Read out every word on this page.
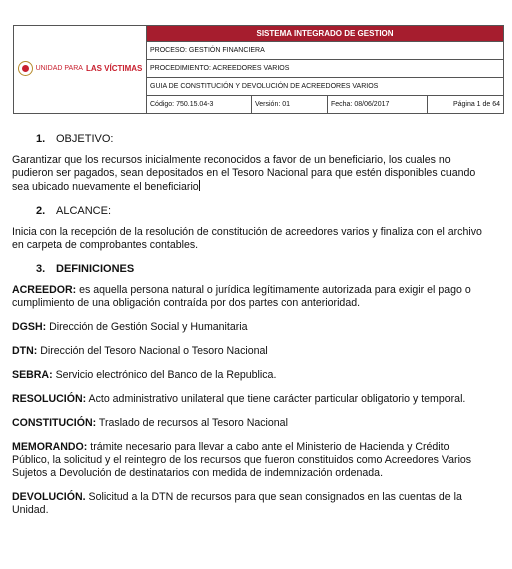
UNIDAD PARA LAS VÍCTIMAS	SISTEMA INTEGRADO DE GESTION			
	PROCESO: GESTIÓN FINANCIERA			
	PROCEDIMIENTO: ACREEDORES VARIOS			
	GUIA DE CONSTITUCIÓN Y DEVOLUCIÓN DE ACREEDORES VARIOS			
	Código: 750.15.04-3	Versión: 01	Fecha: 08/06/2017	Página 1 de 64
1. OBJETIVO:

Garantizar que los recursos inicialmente reconocidos a favor de un beneficiario, los cuales no pudieron ser pagados, sean depositados en el Tesoro Nacional para que estén disponibles cuando sea ubicado nuevamente el beneficiario

2. ALCANCE:

Inicia con la recepción de la resolución de constitución de acreedores varios y finaliza con el archivo en carpeta de comprobantes contables.

3. DEFINICIONES

ACREEDOR: es aquella persona natural o jurídica legítimamente autorizada para exigir el pago o cumplimiento de una obligación contraída por dos partes con anterioridad.

DGSH: Dirección de Gestión Social y Humanitaria

DTN: Dirección del Tesoro Nacional o Tesoro Nacional

SEBRA: Servicio electrónico del Banco de la Republica.

RESOLUCIÓN: Acto administrativo unilateral que tiene carácter particular obligatorio y temporal.

CONSTITUCIÓN: Traslado de recursos al Tesoro Nacional

MEMORANDO: trámite necesario para llevar a cabo ante el Ministerio de Hacienda y Crédito Público, la solicitud y el reintegro de los recursos que fueron constituidos como Acreedores Varios Sujetos a Devolución de destinatarios con medida de indemnización ordenada.

DEVOLUCIÓN. Solicitud a la DTN de recursos para que sean consignados en las cuentas de la Unidad.
